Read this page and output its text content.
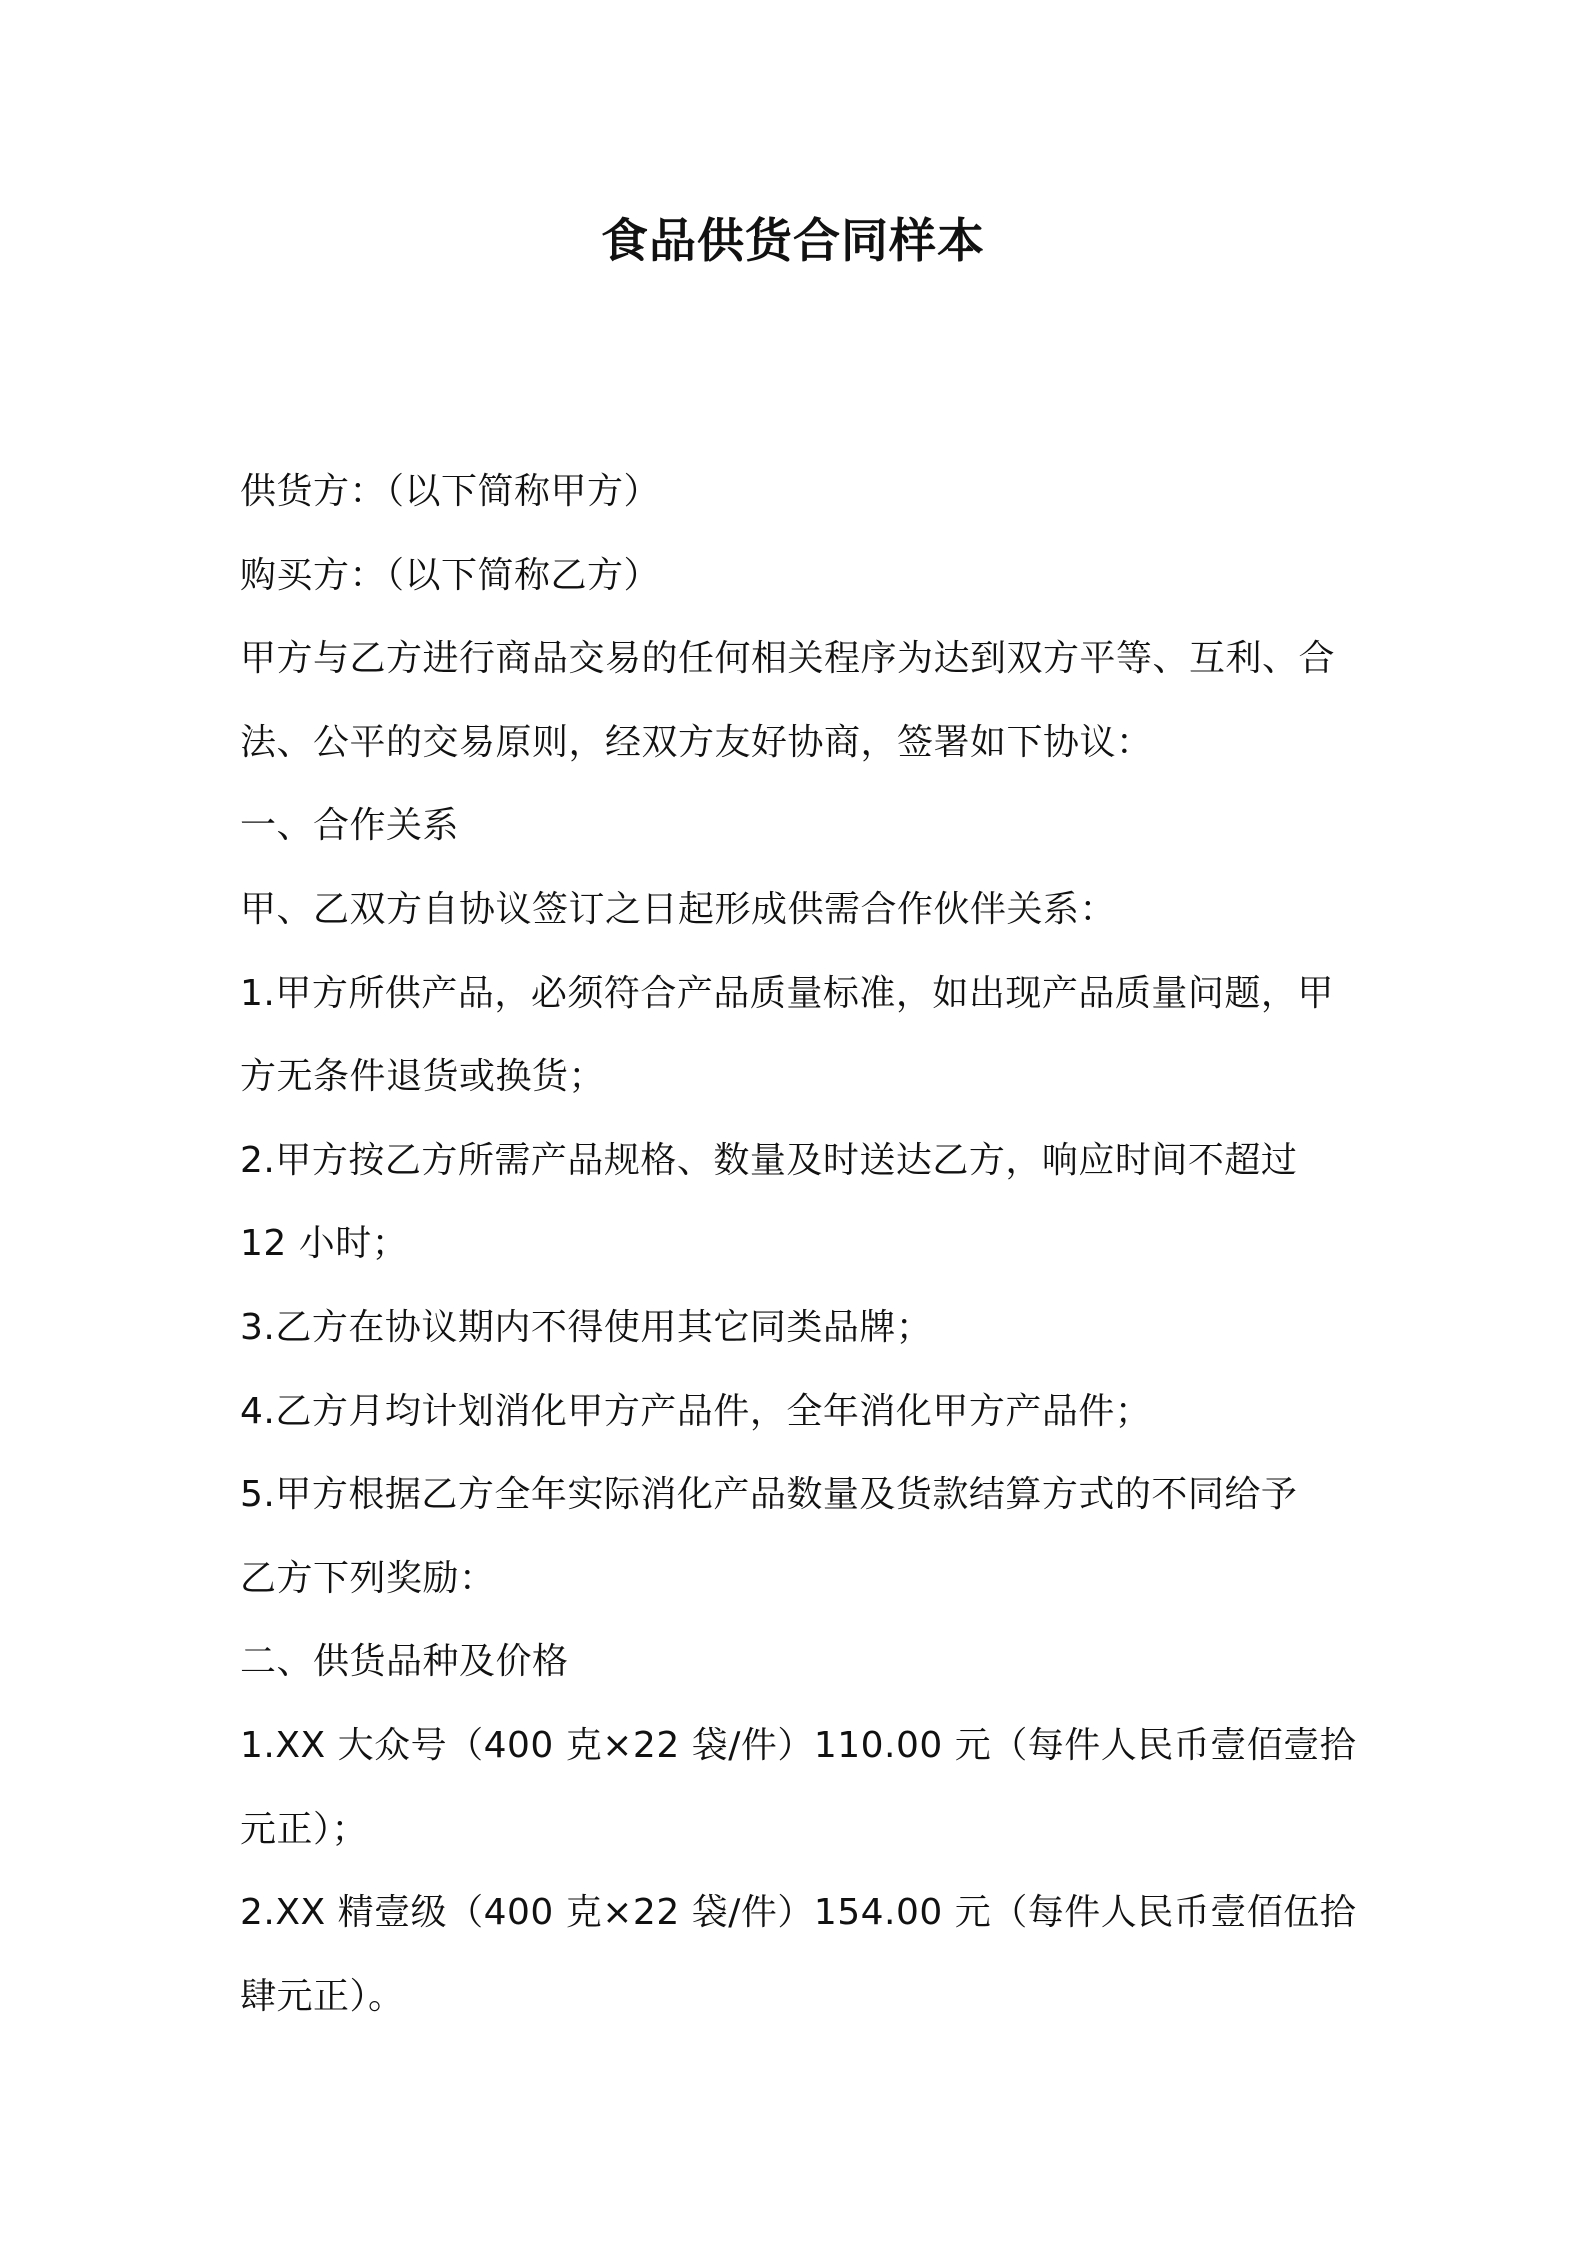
食品供货合同样本
供货方：（以下简称甲方）
购买方：（以下简称乙方）
甲方与乙方进行商品交易的任何相关程序为达到双方平等、互利、合
法、公平的交易原则，经双方友好协商，签署如下协议：
一、合作关系
甲、乙双方自协议签订之日起形成供需合作伙伴关系：
1.甲方所供产品，必须符合产品质量标准，如出现产品质量问题，甲
方无条件退货或换货；
2.甲方按乙方所需产品规格、数量及时送达乙方，响应时间不超过
12 小时；
3.乙方在协议期内不得使用其它同类品牌；
4.乙方月均计划消化甲方产品件，全年消化甲方产品件；
5.甲方根据乙方全年实际消化产品数量及货款结算方式的不同给予
乙方下列奖励：
二、供货品种及价格
1.XX 大众号（400 克×22 袋/件）110.00 元（每件人民币壹佰壹拾
元正）；
2.XX 精壹级（400 克×22 袋/件）154.00 元（每件人民币壹佰伍拾
肆元正）。
